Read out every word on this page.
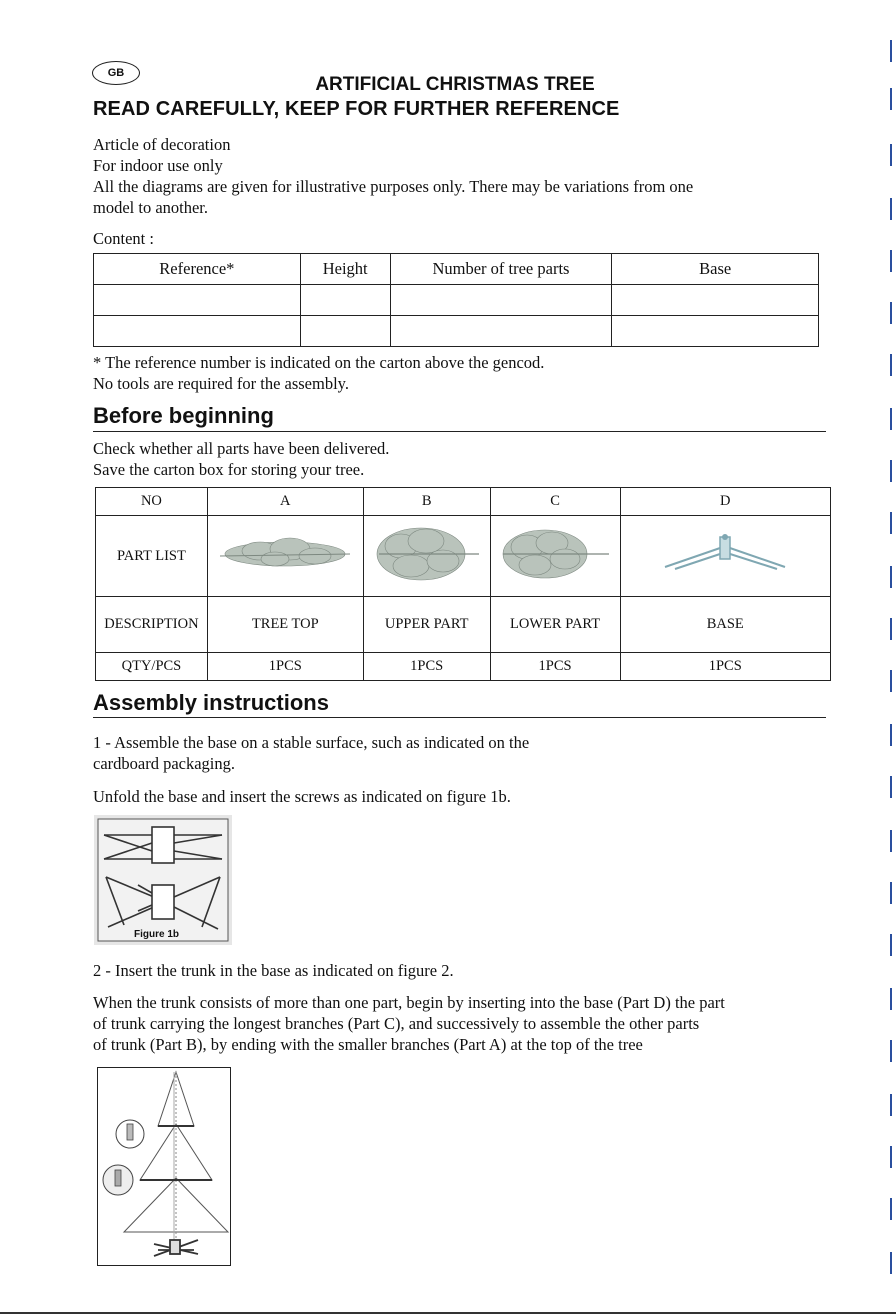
GB
ARTIFICIAL CHRISTMAS TREE
READ CAREFULLY, KEEP FOR FURTHER REFERENCE
Article of decoration
For indoor use only
All the diagrams are given for illustrative purposes only. There may be variations from one
model to another.
Content :
Reference*	Height	Number of tree parts	Base

* The reference number is indicated on the carton above the gencod.
No tools are required for the assembly.
Before beginning
Check whether all parts have been delivered.
Save the carton box for storing your tree.
NO	A	B	C	D
PART LIST				
DESCRIPTION	TREE TOP	UPPER PART	LOWER PART	BASE
QTY/PCS	1PCS	1PCS	1PCS	1PCS
Assembly instructions
1 - Assemble the base on a stable surface, such as indicated on the
cardboard packaging.
Unfold the base and insert the screws as indicated on figure 1b.
Figure 1b
2 - Insert the trunk in the base as indicated on figure 2.
When the trunk consists of more than one part, begin by inserting into the base (Part D) the part
of trunk carrying the longest branches (Part C), and successively to assemble the other parts
of trunk (Part B), by ending with the smaller branches (Part A) at the top of the tree
